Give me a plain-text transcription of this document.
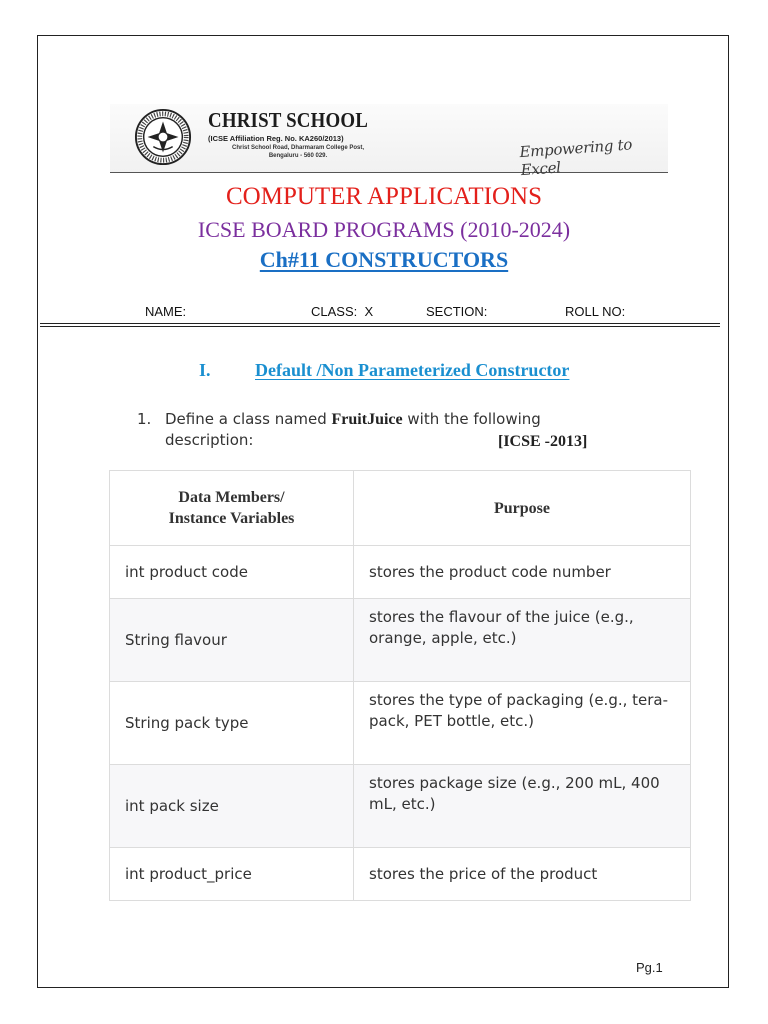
CHRIST SCHOOL
(ICSE Affiliation Reg. No. KA260/2013)
Christ School Road, Dharmaram College Post,
Bengaluru - 560 029.	Empowering to Excel
COMPUTER APPLICATIONS
ICSE BOARD PROGRAMS (2010-2024)
Ch#11 CONSTRUCTORS
NAME:	CLASS:  X	SECTION:	ROLL NO:
I. Default /Non Parameterized Constructor
1. Define a class named FruitJuice with the following
description:	[ICSE -2013]
Data Members/
Instance Variables	Purpose
int product code	stores the product code number
String flavour	stores the flavour of the juice (e.g., orange, apple, etc.)
String pack type	stores the type of packaging (e.g., tera-pack, PET bottle, etc.)
int pack size	stores package size (e.g., 200 mL, 400 mL, etc.)
int product_price	stores the price of the product
Pg.1
